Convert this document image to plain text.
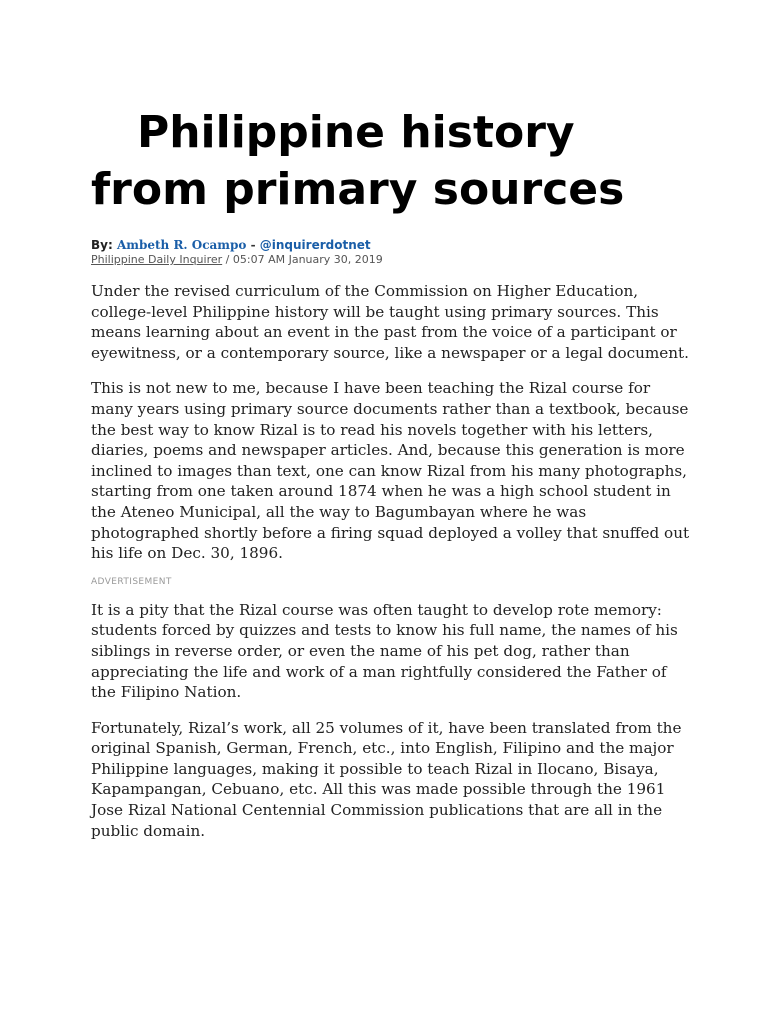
Philippine history from primary sources
By: Ambeth R. Ocampo - @inquirerdotnet
Philippine Daily Inquirer / 05:07 AM January 30, 2019

Under the revised curriculum of the Commission on Higher Education, college-level Philippine history will be taught using primary sources. This means learning about an event in the past from the voice of a participant or eyewitness, or a contemporary source, like a newspaper or a legal document.

This is not new to me, because I have been teaching the Rizal course for many years using primary source documents rather than a textbook, because the best way to know Rizal is to read his novels together with his letters, diaries, poems and newspaper articles. And, because this generation is more inclined to images than text, one can know Rizal from his many photographs, starting from one taken around 1874 when he was a high school student in the Ateneo Municipal, all the way to Bagumbayan where he was photographed shortly before a firing squad deployed a volley that snuffed out his life on Dec. 30, 1896.

ADVERTISEMENT

It is a pity that the Rizal course was often taught to develop rote memory: students forced by quizzes and tests to know his full name, the names of his siblings in reverse order, or even the name of his pet dog, rather than appreciating the life and work of a man rightfully considered the Father of the Filipino Nation.

Fortunately, Rizal’s work, all 25 volumes of it, have been translated from the original Spanish, German, French, etc., into English, Filipino and the major Philippine languages, making it possible to teach Rizal in Ilocano, Bisaya, Kapampangan, Cebuano, etc. All this was made possible through the 1961 Jose Rizal National Centennial Commission publications that are all in the public domain.
